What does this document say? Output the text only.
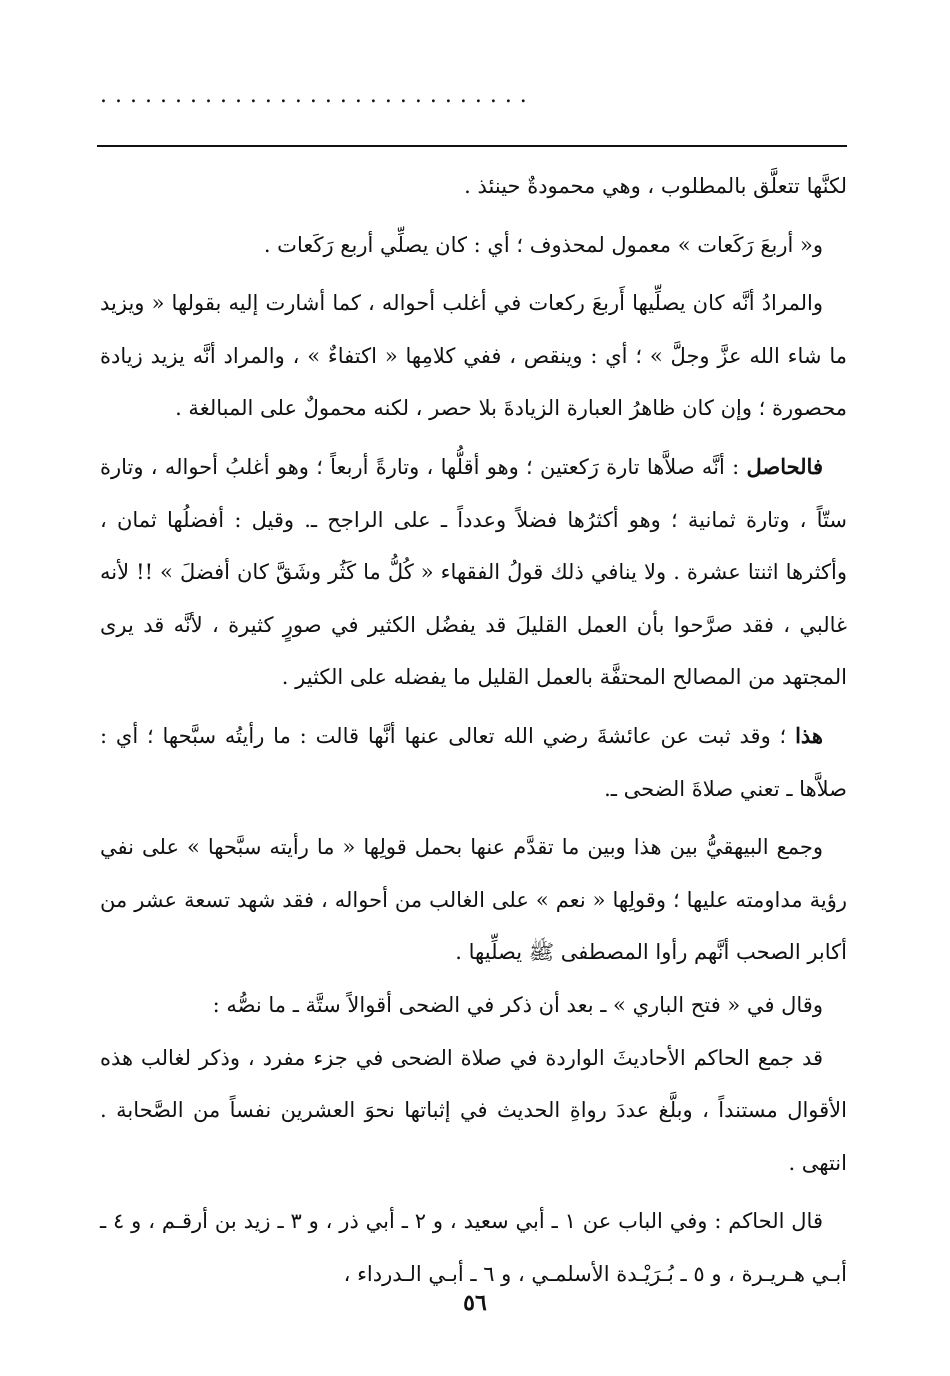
.............................

لكنَّها تتعلَّق بالمطلوب ، وهي محمودةٌ حينئذ .

و« أربعَ رَكَعات » معمول لمحذوف ؛ أي : كان يصلِّي أربع رَكَعات .

والمرادُ أنَّه كان يصلِّيها أَربعَ ركعات في أغلب أحواله ، كما أشارت إليه بقولها « ويزيد ما شاء الله عزَّ وجلَّ » ؛ أي : وينقص ، ففي كلامِها « اكتفاءٌ » ، والمراد أنَّه يزيد زيادة محصورة ؛ وإن كان ظاهرُ العبارة الزيادةَ بلا حصر ، لكنه محمولٌ على المبالغة .

فالحاصل : أنَّه صلاَّها تارة رَكعتين ؛ وهو أقلُّها ، وتارةً أربعاً ؛ وهو أغلبُ أحواله ، وتارة ستّاً ، وتارة ثمانية ؛ وهو أكثرُها فضلاً وعدداً ـ على الراجح ـ. وقيل : أفضلُها ثمان ، وأكثرها اثنتا عشرة . ولا ينافي ذلك قولُ الفقهاء « كُلُّ ما كَثُر وشَقَّ كان أفضلَ » !! لأنه غالبي ، فقد صرَّحوا بأن العمل القليلَ قد يفضُل الكثير في صورٍ كثيرة ، لأنَّه قد يرى المجتهد من المصالح المحتفَّة بالعمل القليل ما يفضله على الكثير .

هذا ؛ وقد ثبت عن عائشةَ رضي الله تعالى عنها أنَّها قالت : ما رأيتُه سبَّحها ؛ أي : صلاَّها ـ تعني صلاةَ الضحى ـ.

وجمع البيهقيُّ بين هذا وبين ما تقدَّم عنها بحمل قولِها « ما رأيته سبَّحها » على نفي رؤية مداومته عليها ؛ وقولِها « نعم » على الغالب من أحواله ، فقد شهد تسعة عشر من أكابر الصحب أنَّهم رأوا المصطفى ﷺ يصلِّيها .

وقال في « فتح الباري » ـ بعد أن ذكر في الضحى أقوالاً ستَّة ـ ما نصُّه :

قد جمع الحاكم الأحاديثَ الواردة في صلاة الضحى في جزء مفرد ، وذكر لغالب هذه الأقوال مستنداً ، وبلَّغ عددَ رواةِ الحديث في إثباتها نحوَ العشرين نفساً من الصَّحابة . انتهى .

قال الحاكم : وفي الباب عن ١ ـ أبي سعيد ، و ٢ ـ أبي ذر ، و ٣ ـ زيد بن أرقـم ، و ٤ ـ أبـي هـريـرة ، و ٥ ـ بُـرَيْـدة الأسلمـي ، و ٦ ـ أبـي الـدرداء ،

٥٦
